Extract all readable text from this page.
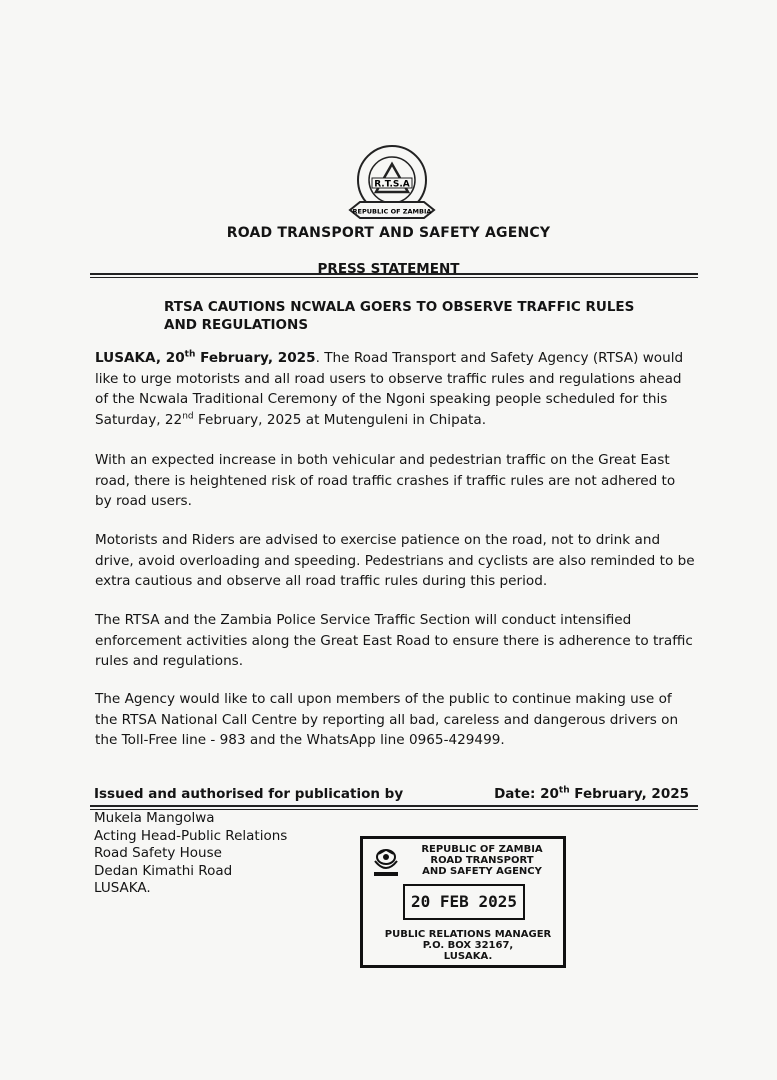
R.T.S.A
REPUBLIC OF ZAMBIA
ROAD TRANSPORT AND SAFETY AGENCY
PRESS STATEMENT
RTSA CAUTIONS NCWALA GOERS TO OBSERVE TRAFFIC RULES AND REGULATIONS

LUSAKA, 20th February, 2025. The Road Transport and Safety Agency (RTSA) would like to urge motorists and all road users to observe traffic rules and regulations ahead of the Ncwala Traditional Ceremony of the Ngoni speaking people scheduled for this Saturday, 22nd February, 2025 at Mutenguleni in Chipata.

With an expected increase in both vehicular and pedestrian traffic on the Great East road, there is heightened risk of road traffic crashes if traffic rules are not adhered to by road users.

Motorists and Riders are advised to exercise patience on the road, not to drink and drive, avoid overloading and speeding. Pedestrians and cyclists are also reminded to be extra cautious and observe all road traffic rules during this period.

The RTSA and the Zambia Police Service Traffic Section will conduct intensified enforcement activities along the Great East Road to ensure there is adherence to traffic rules and regulations.

The Agency would like to call upon members of the public to continue making use of the RTSA National Call Centre by reporting all bad, careless and dangerous drivers on the Toll-Free line - 983 and the WhatsApp line 0965-429499.

Issued and authorised for publication by	Date: 20th February, 2025
Mukela Mangolwa
Acting Head-Public Relations
Road Safety House
Dedan Kimathi Road
LUSAKA.
REPUBLIC OF ZAMBIA
ROAD TRANSPORT
AND SAFETY AGENCY
20 FEB 2025
PUBLIC RELATIONS MANAGER
P.O. BOX 32167,
LUSAKA.
